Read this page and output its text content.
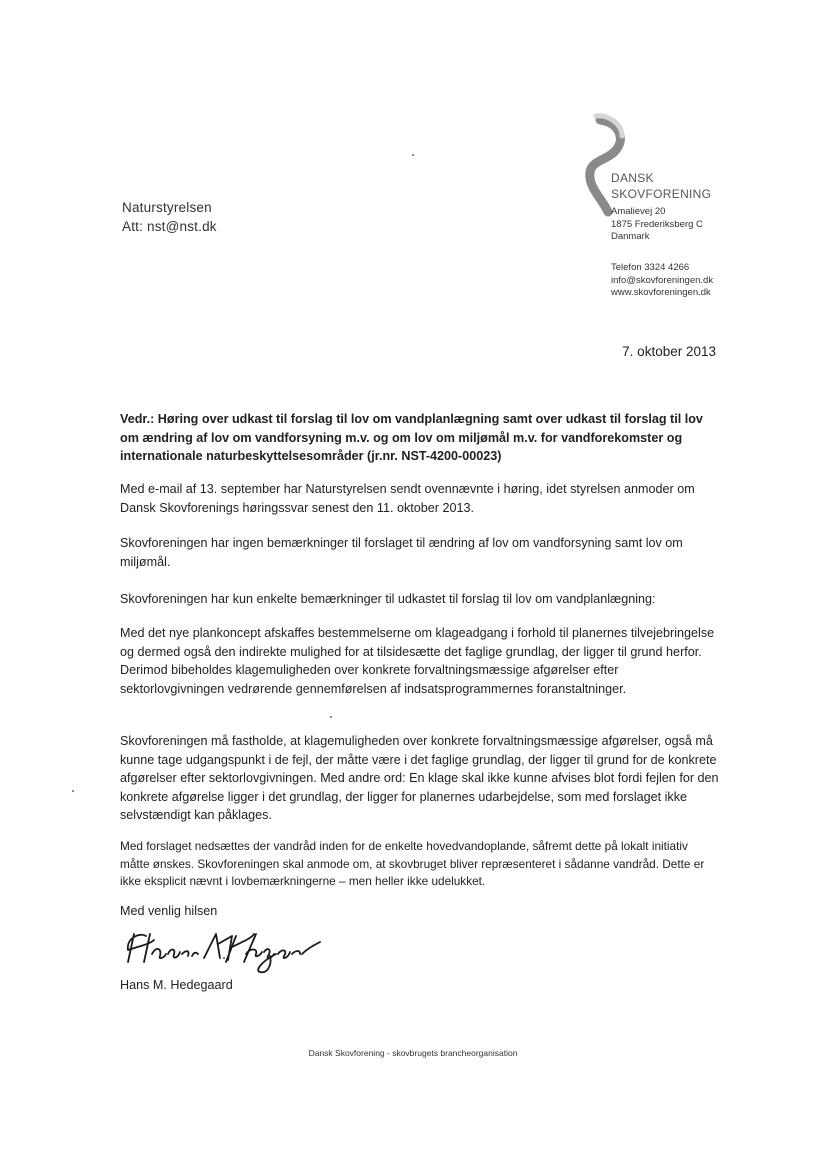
Naturstyrelsen
Att: nst@nst.dk
DANSK
SKOVFORENING
Amalievej 20
1875 Frederiksberg C
Danmark
Telefon 3324 4266
info@skovforeningen.dk
www.skovforeningen.dk
7. oktober 2013
Vedr.: Høring over udkast til forslag til lov om vandplanlægning samt over udkast til forslag til lov om ændring af lov om vandforsyning m.v. og om lov om miljømål m.v. for vandforekomster og internationale naturbeskyttelsesområder (jr.nr. NST-4200-00023)
Med e-mail af 13. september har Naturstyrelsen sendt ovennævnte i høring, idet styrelsen anmoder om Dansk Skovforenings høringssvar senest den 11. oktober 2013.
Skovforeningen har ingen bemærkninger til forslaget til ændring af lov om vandforsyning samt lov om miljømål.
Skovforeningen har kun enkelte bemærkninger til udkastet til forslag til lov om vandplanlægning:
Med det nye plankoncept afskaffes bestemmelserne om klageadgang i forhold til planernes tilvejebringelse og dermed også den indirekte mulighed for at tilsidesætte det faglige grundlag, der ligger til grund herfor. Derimod bibeholdes klagemuligheden over konkrete forvaltningsmæssige afgørelser efter sektorlovgivningen vedrørende gennemførelsen af indsatsprogrammernes foranstaltninger.
Skovforeningen må fastholde, at klagemuligheden over konkrete forvaltningsmæssige afgørelser, også må kunne tage udgangspunkt i de fejl, der måtte være i det faglige grundlag, der ligger til grund for de konkrete afgørelser efter sektorlovgivningen. Med andre ord: En klage skal ikke kunne afvises blot fordi fejlen for den konkrete afgørelse ligger i det grundlag, der ligger for planernes udarbejdelse, som med forslaget ikke selvstændigt kan påklages.
Med forslaget nedsættes der vandråd inden for de enkelte hovedvandoplande, såfremt dette på lokalt initiativ måtte ønskes. Skovforeningen skal anmode om, at skovbruget bliver repræsenteret i sådanne vandråd. Dette er ikke eksplicit nævnt i lovbemærkningerne – men heller ikke udelukket.
Med venlig hilsen
Hans M. Hedegaard
Dansk Skovforening - skovbrugets brancheorganisation
